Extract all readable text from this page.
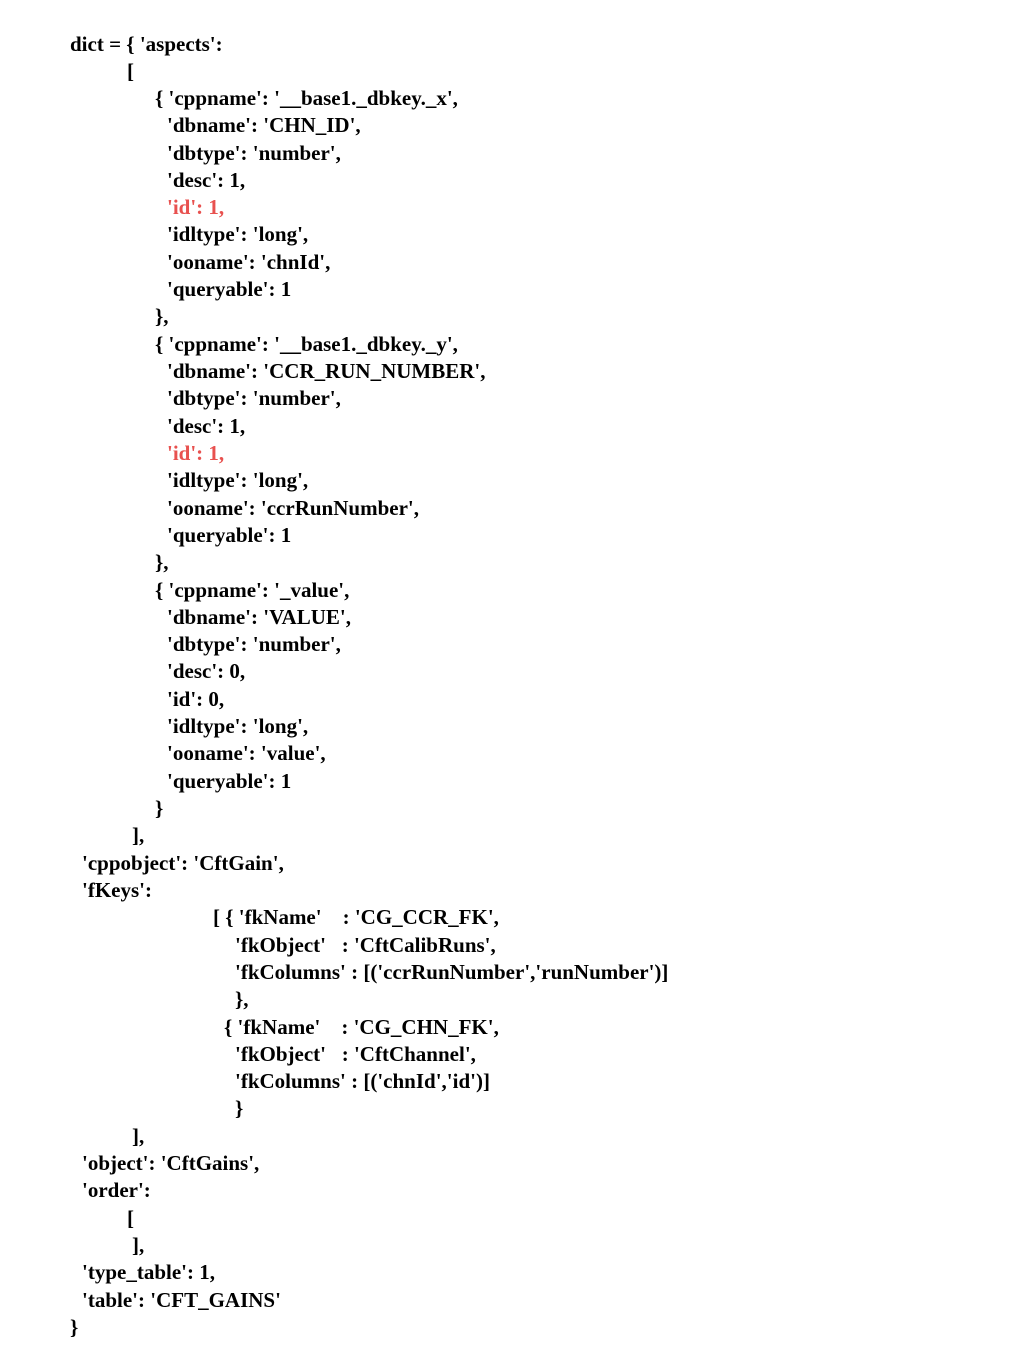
dict = { 'aspects':
[
{ 'cppname': '__base1._dbkey._x',
'dbname': 'CHN_ID',
'dbtype': 'number',
'desc': 1,
'id': 1,
'idltype': 'long',
'ooname': 'chnId',
'queryable': 1
},
{ 'cppname': '__base1._dbkey._y',
'dbname': 'CCR_RUN_NUMBER',
'dbtype': 'number',
'desc': 1,
'id': 1,
'idltype': 'long',
'ooname': 'ccrRunNumber',
'queryable': 1
},
{ 'cppname': '_value',
'dbname': 'VALUE',
'dbtype': 'number',
'desc': 0,
'id': 0,
'idltype': 'long',
'ooname': 'value',
'queryable': 1
}
],
'cppobject': 'CftGain',
'fKeys':
[ { 'fkName'    : 'CG_CCR_FK',
'fkObject'   : 'CftCalibRuns',
'fkColumns' : [('ccrRunNumber','runNumber')]
},
{ 'fkName'    : 'CG_CHN_FK',
'fkObject'   : 'CftChannel',
'fkColumns' : [('chnId','id')]
}
],
'object': 'CftGains',
'order':
[
],
'type_table': 1,
'table': 'CFT_GAINS'
}
